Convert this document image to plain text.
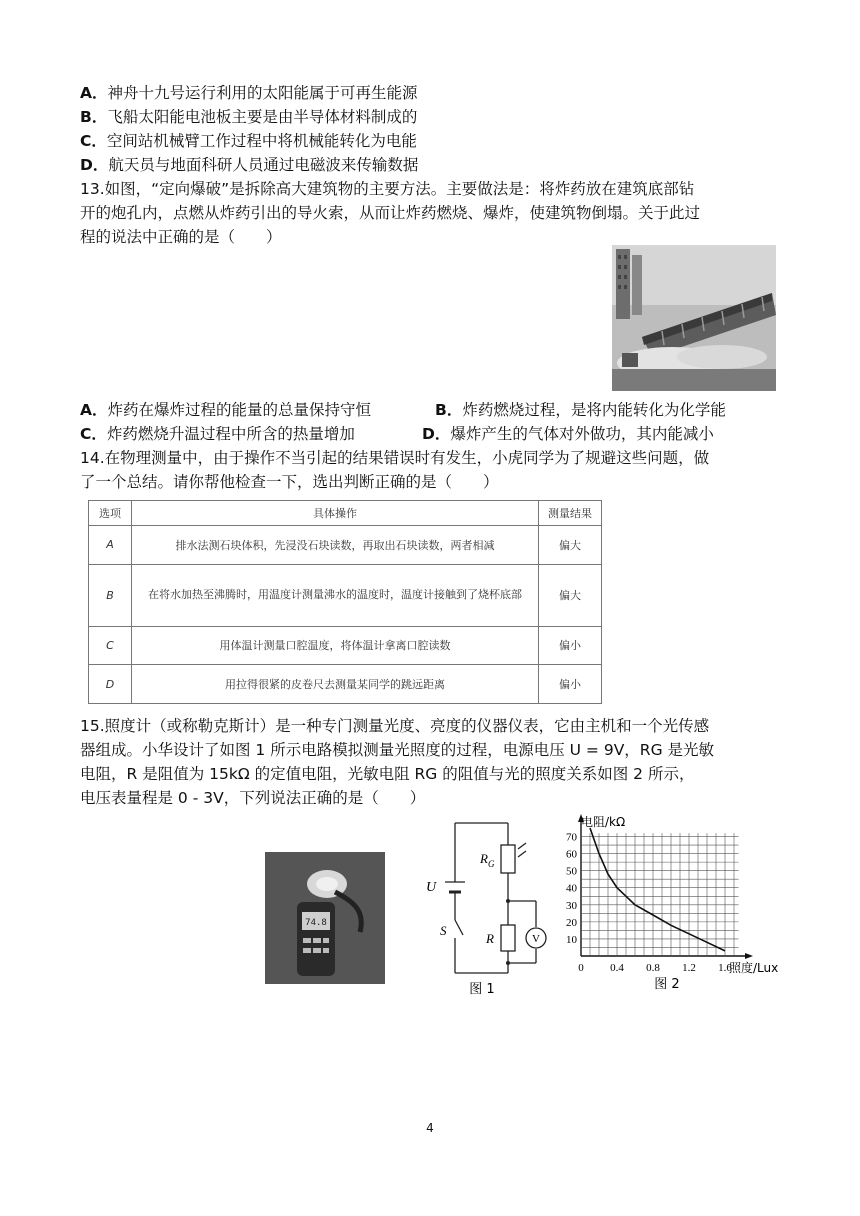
A．神舟十九号运行利用的太阳能属于可再生能源
B．飞船太阳能电池板主要是由半导体材料制成的
C．空间站机械臂工作过程中将机械能转化为电能
D．航天员与地面科研人员通过电磁波来传输数据
13.如图，“定向爆破”是拆除高大建筑物的主要方法。主要做法是：将炸药放在建筑底部钻
开的炮孔内，点燃从炸药引出的导火索，从而让炸药燃烧、爆炸，使建筑物倒塌。关于此过
程的说法中正确的是（　　）
A．炸药在爆炸过程的能量的总量保持守恒	B．炸药燃烧过程，是将内能转化为化学能
C．炸药燃烧升温过程中所含的热量增加	D．爆炸产生的气体对外做功，其内能减小
14.在物理测量中，由于操作不当引起的结果错误时有发生，小虎同学为了规避这些问题，做
了一个总结。请你帮他检查一下，选出判断正确的是（　　）
选项	具体操作	测量结果
A	排水法测石块体积，先浸没石块读数，再取出石块读数，两者相减	偏大
B	在将水加热至沸腾时，用温度计测量沸水的温度时，温度计接触到了烧杯底部	偏大
C	用体温计测量口腔温度，将体温计拿离口腔读数	偏小
D	用拉得很紧的皮卷尺去测量某同学的跳远距离	偏小
15.照度计（或称勒克斯计）是一种专门测量光度、亮度的仪器仪表，它由主机和一个光传感
器组成。小华设计了如图 1 所示电路模拟测量光照度的过程，电源电压 U = 9V，RG 是光敏
电阻，R 是阻值为 15kΩ 的定值电阻，光敏电阻 RG 的阻值与光的照度关系如图 2 所示，
电压表量程是 0 - 3V，下列说法正确的是（　　）
74.8
U
S
$R_G$
R	V
图 1
电阻/kΩ
照度/Lux
图 2
10
20
30
40
50
60
70
0 0.4 0.8 1.2 1.6
4
